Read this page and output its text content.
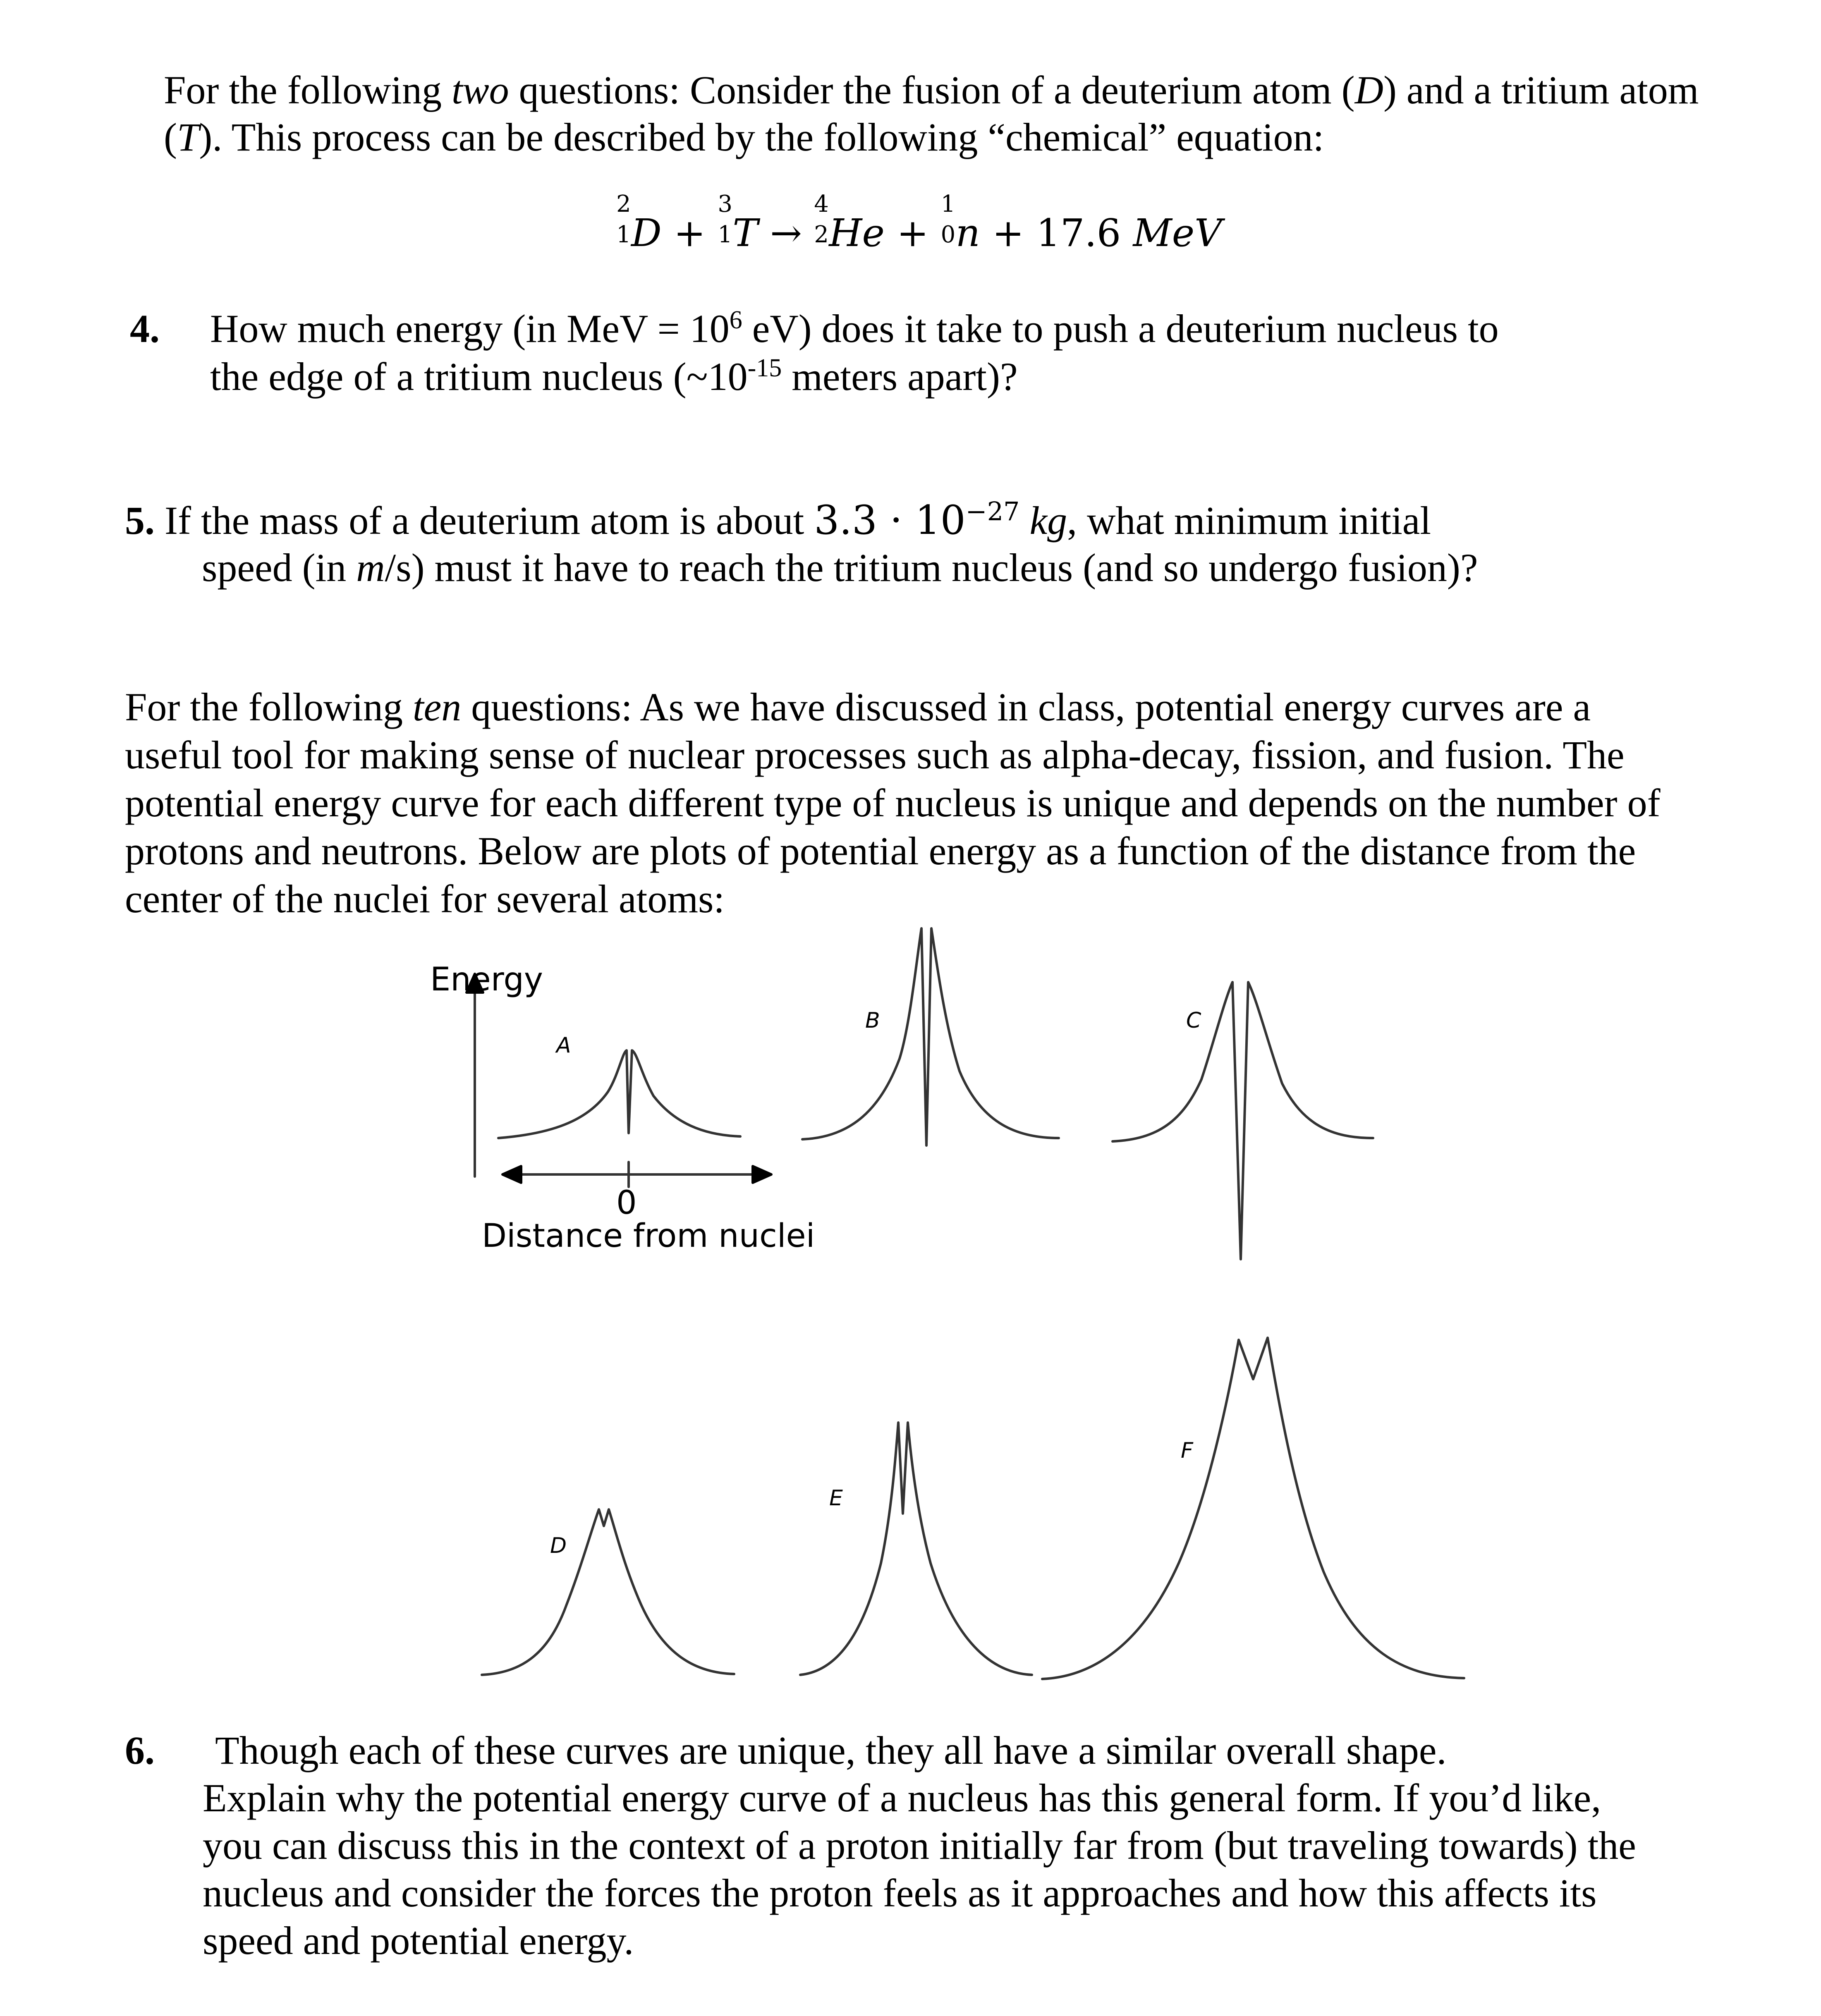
For the following two questions: Consider the fusion of a deuterium atom (D) and a tritium atom
(T). This process can be described by the following “chemical” equation:
2
1 D +
3
1 T →
4
2 He +
1
0 n + 17.6 MeV
4. How much energy (in MeV = $10^6$ eV) does it take to push a deuterium nucleus to
the edge of a tritium nucleus ($\sim 10^{-15}$ meters apart)?
5. If the mass of a deuterium atom is about $3.3 \cdot 10^{-27}$ kg, what minimum initial
speed (in m/s) must it have to reach the tritium nucleus (and so undergo fusion)?
For the following ten questions: As we have discussed in class, potential energy curves are a
useful tool for making sense of nuclear processes such as alpha-decay, fission, and fusion. The
potential energy curve for each different type of nucleus is unique and depends on the number of
protons and neutrons. Below are plots of potential energy as a function of the distance from the
center of the nuclei for several atoms:
Energy
Distance from nuclei
0
A
B	C
D
E
F
6. Though each of these curves are unique, they all have a similar overall shape.
Explain why the potential energy curve of a nucleus has this general form. If you’d like,
you can discuss this in the context of a proton initially far from (but traveling towards) the
nucleus and consider the forces the proton feels as it approaches and how this affects its
speed and potential energy.
